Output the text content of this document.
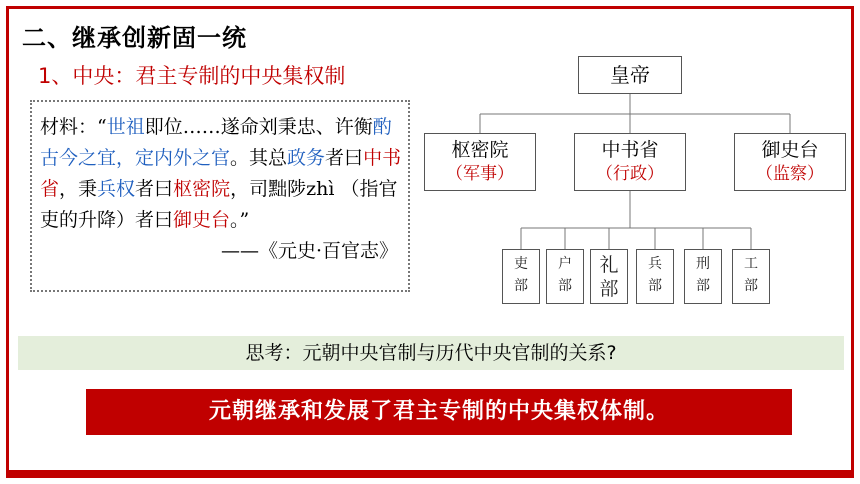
二、继承创新固一统
1、中央：君主专制的中央集权制
材料：“世祖即位……遂命刘秉忠、许衡酌古今之宜，定内外之官。其总政务者曰中书省，秉兵权者曰枢密院，司黜陟zhì （指官吏的升降）者曰御史台。”
——《元史·百官志》
皇帝
枢密院
（军事）
中书省
（行政）
御史台
（监察）
吏
部
户
部
礼
部
兵
部
刑
部
工
部
思考：元朝中央官制与历代中央官制的关系?
元朝继承和发展了君主专制的中央集权体制。
